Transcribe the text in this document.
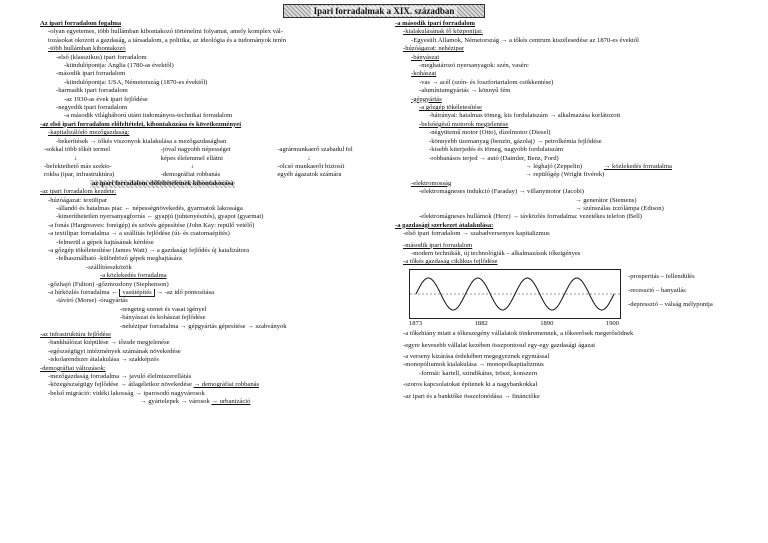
Ipari forradalmak a XIX. században
Az ipari forradalom fogalma
-olyan egyetemes, több hullámban kibontakozó történelmi folyamat, amely komplex vál-
tozásokat okozott a gazdaság, a társadalom, a politika, az ideológia és a tudományok terén
-több hullámban kibontakozó
-első (klasszikus) ipari forradalom
-kiindulópontja: Anglia (1780-as évektől)
-második ipari forradalom
-kiindulópontja: USA, Németország (1870-es évektől)
-harmadik ipari forradalom
-az 1930-as évek ipari fejlődése
-negyedik ipari forradalom
-a második világháború utáni tudományos-technikai forradalom
-az első ipari forradalom előfeltételei, kibontakozása és következményei
-kapitalizálódó mezőgazdaság:
-bekerítések → tőkés viszonyok kialakulása a mezőgazdaságban
-sokkal több tőkét termel
↓
-befektethető más szekto-
rokba (ipar, infrastruktúra)
-jóval nagyobb népességet
képes élelemmel ellátni
↓
-demográfiai robbanás
-agrármunkaerő szabadul fel
↓
-olcsó munkaerőt biztosít
egyéb ágazatok számára
az ipari forradalom előfeltételeinek kibontakozása
-az ipari forradalom kezdete:
-húzóágazat: textilipar
-állandó és hatalmas piac ← népességnövekedés, gyarmatok lakossága
-kimeríthetetlen nyersanyagforrás ← gyapjú (juhtenyésztés), gyapot (gyarmat)
-a fonás (Hargreaves: fonógép) és szövés gépesítése (John Kay: repülő vetélő)
-a textilipar forradalma → a szállítás fejlődése (út- és csatornaépítés)
-felmerül a gépek hajtásának kérdése
-a gőzgép tökéletesítése (James Watt) → a gazdasági fejlődés új katalizátora
-felhasználható -különböző gépek meghajtására
-szállítóeszközök
-a közlekedés forradalma
-gőzhajó (Fulton) -gőzmozdony (Stephenson)
-a hírközlés forradalma ← vasútépítés → -az idő pontosítása
-távíró (Morse) -óragyártás
-rengeteg szenet és vasat igényel
-bányászat és kohászat fejlődése
-nehézipar forradalma → gépgyártás gépesítése → szabványok
-az infrastruktúra fejlődése
-bankhálózat kiépülése → tőzsde megjelenése
-egészségügyi intézmények számának növekedése
-iskolarendszer átalakulása → szakképzés
-demográfiai változások:
-mezőgazdaság forradalma → javuló élelmiszerellátás
-közegészségügy fejlődése → átlagéletkor növekedése → demográfiai robbanás
-belső migráció: vidéki lakosság → iparosodó nagyvárosok
→ gyártelepek → városok → urbanizáció
-a második ipari forradalom
-kialakulásának fő központjai:
-Egyesült Államok, Németország → a tőkés centrum kiszélesedése az 1870-es évektől
-húzóágazat: nehézipar
-bányászat
-meghatározó nyersanyagok: szén, vasérc
-kohászat
-vas → acél (szén- és foszfortartalom csökkentése)
-alumíniumgyártás → könnyű fém
-gépgyártás
-a gőzgép tökéletesítése
-hátrányai: hatalmas tömeg, kis fordulatszám → alkalmazása korlátozott
-belsőégésű motorok megjelenése
-négyütemű motor (Otto), dízelmotor (Diesel)
-könnyebb üzemanyag (benzin, gázolaj) → petrolkémia fejlődése
-kisebb kiterjedés és tömeg, nagyobb fordulatszám
-robbanásos terjed → autó (Daimler, Benz, Ford)
→ léghajó (Zeppelin)	→ közlekedés forradalma
→ repülőgép (Wright fivérek)
-elektromosság
-elektromágneses indukció (Faraday) → villanymotor (Jacobi)
→ generátor (Siemens)
→ szénszálas izzólámpa (Edison)
-elektromágneses hullámok (Herz) → távközlés forradalma: vezetékes telefon (Bell)
-a gazdasági szerkezet átalakulása:
-első ipari forradalom → szabadversenyes kapitalizmus
-második ipari forradalom
-modern technikák, új technológiák – alkalmazásuk tőkeigényes
-a tőkés gazdaság ciklikus fejlődése
-prosperitás – fellendülés
-recesszió – hanyatlás
-depresszió – válság mélypontja
1873	1882	1890	1900
-a tőkehiány miatt a tőkeszegény vállalatok tönkremennek, a tőkeerősek megerősödnek
-egyre kevesebb vállalat kezében összpontosul egy-egy gazdasági ágazat
-a verseny kizárása érdekében megegyeznek egymással
-monopóliumok kialakulása → monopolkapitalizmus
-formái: kartell, szindikátus, tröszt, konszern
-szoros kapcsolatokat építenek ki a nagybankokkal
-az ipari és a banktőke összefonódása → finánctőke
